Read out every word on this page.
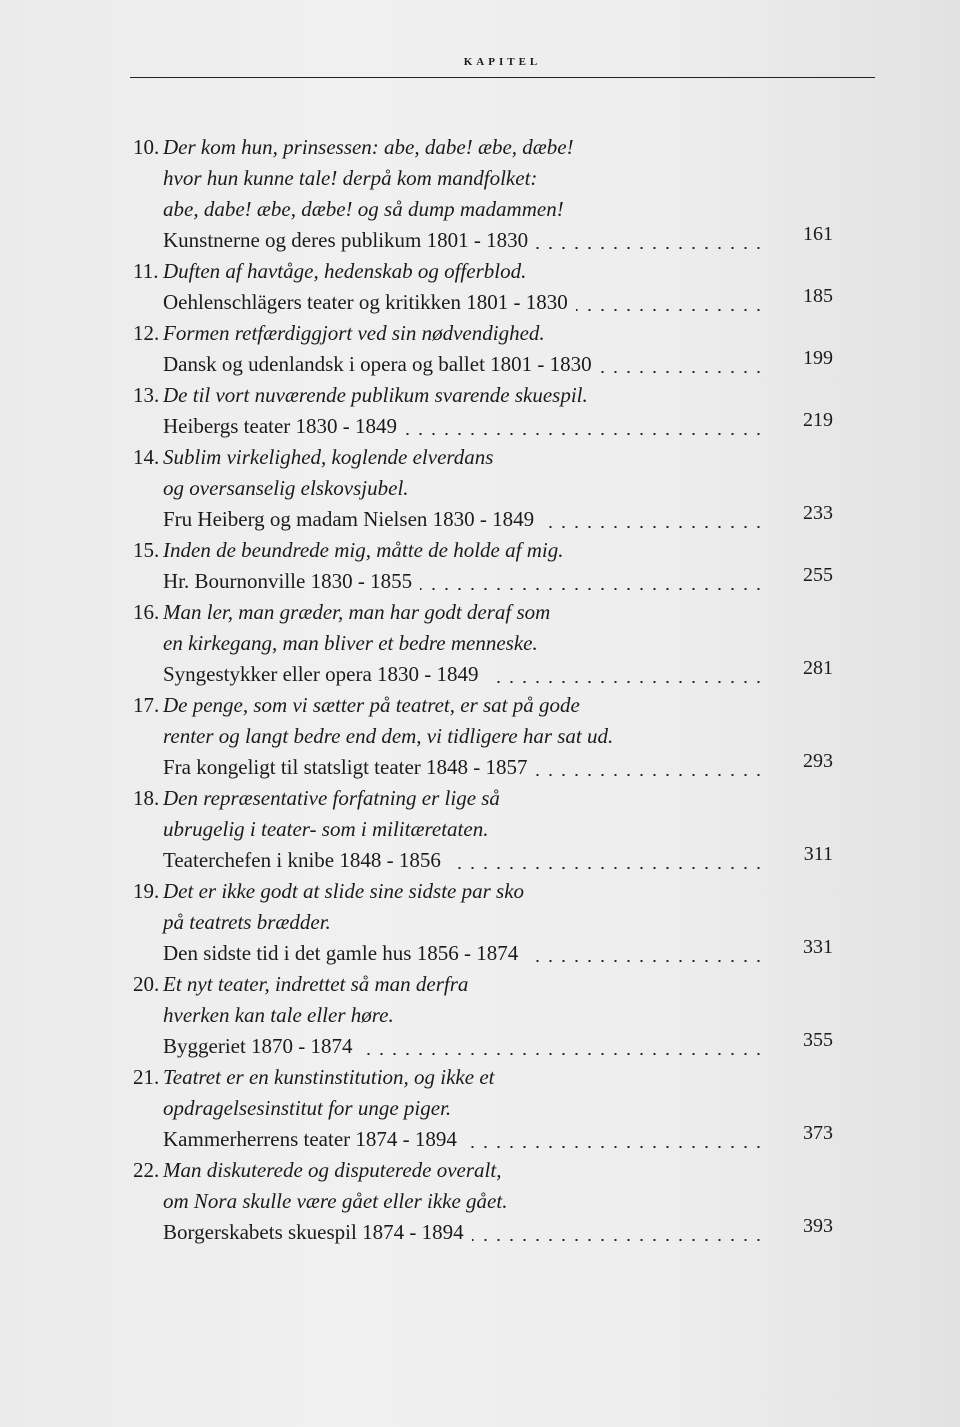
KAPITEL
10. Der kom hun, prinsessen: abe, dabe! æbe, dæbe!
hvor hun kunne tale! derpå kom mandfolket:
abe, dabe! æbe, dæbe! og så dump madammen!
Kunstnerne og deres publikum 1801 - 1830	161
11. Duften af havtåge, hedenskab og offerblod.
Oehlenschlägers teater og kritikken 1801 - 1830	185
12. Formen retfærdiggjort ved sin nødvendighed.
Dansk og udenlandsk i opera og ballet 1801 - 1830	199
13. De til vort nuværende publikum svarende skuespil.
Heibergs teater 1830 - 1849	219
14. Sublim virkelighed, koglende elverdans
og oversanselig elskovsjubel.
Fru Heiberg og madam Nielsen 1830 - 1849	233
15. Inden de beundrede mig, måtte de holde af mig.
Hr. Bournonville 1830 - 1855	255
16. Man ler, man græder, man har godt deraf som
en kirkegang, man bliver et bedre menneske.
Syngestykker eller opera 1830 - 1849	281
17. De penge, som vi sætter på teatret, er sat på gode
renter og langt bedre end dem, vi tidligere har sat ud.
Fra kongeligt til statsligt teater 1848 - 1857	293
18. Den repræsentative forfatning er lige så
ubrugelig i teater- som i militæretaten.
Teaterchefen i knibe 1848 - 1856	311
19. Det er ikke godt at slide sine sidste par sko
på teatrets brædder.
Den sidste tid i det gamle hus 1856 - 1874	331
20. Et nyt teater, indrettet så man derfra
hverken kan tale eller høre.
Byggeriet 1870 - 1874	355
21. Teatret er en kunstinstitution, og ikke et
opdragelsesinstitut for unge piger.
Kammerherrens teater 1874 - 1894	373
22. Man diskuterede og disputerede overalt,
om Nora skulle være gået eller ikke gået.
Borgerskabets skuespil 1874 - 1894	393
